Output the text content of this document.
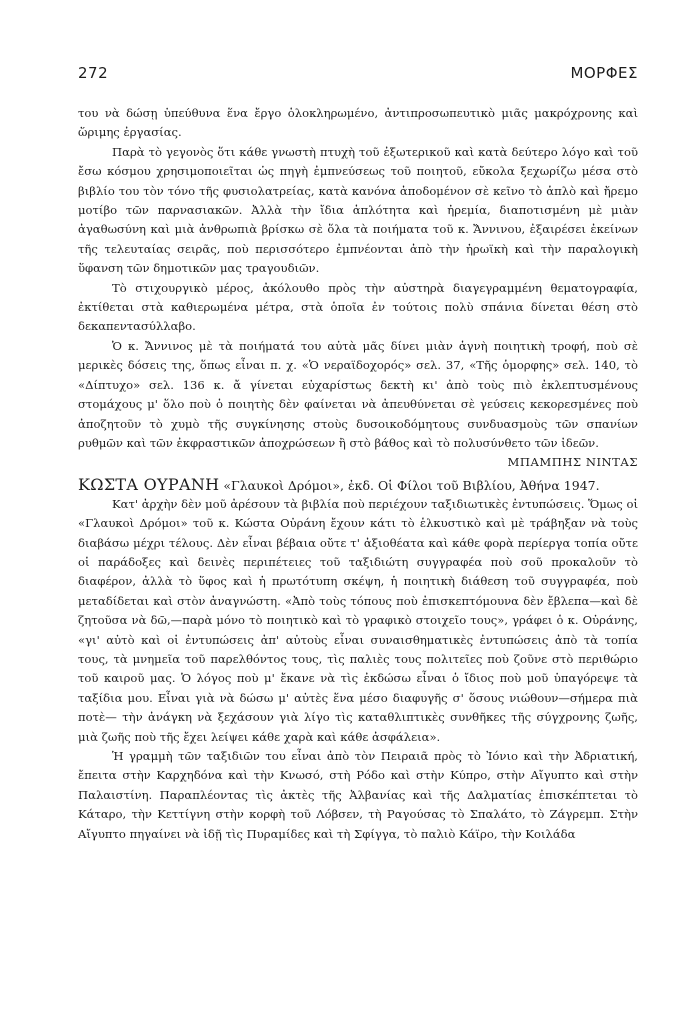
272	ΜΟΡΦΕΣ

του νὰ δώσῃ ὑπεύθυνα ἕνα ἔργο ὁλοκληρωμένο, ἀντιπροσωπευτικὸ μιᾶς μακρόχρονης καὶ ὥριμης ἐργασίας.

Παρὰ τὸ γεγονὸς ὅτι κάθε γνωστὴ πτυχὴ τοῦ ἐξωτερικοῦ καὶ κατὰ δεύτερο λόγο καὶ τοῦ ἔσω κόσμου χρησιμοποιεῖται ὡς πηγὴ ἐμπνεύσεως τοῦ ποιητοῦ, εὔκολα ξεχωρίζω μέσα στὸ βιβλίο του τὸν τόνο τῆς φυσιολατρείας, κατὰ κανόνα ἀποδομένον σὲ κεῖνο τὸ ἁπλὸ καὶ ἤρεμο μοτίβο τῶν παρνασιακῶν. Ἀλλὰ τὴν ἴδια ἁπλότητα καὶ ἠρεμία, διαποτισμένη μὲ μιὰν ἀγαθωσύνη καὶ μιὰ ἀνθρωπιὰ βρίσκω σὲ ὅλα τὰ ποιήματα τοῦ κ. Ἄννινου, ἐξαιρέσει ἐκείνων τῆς τελευταίας σειρᾶς, ποὺ περισσότερο ἐμπνέονται ἀπὸ τὴν ἡρωϊκὴ καὶ τὴν παραλογικὴ ὕφανση τῶν δημοτικῶν μας τραγουδιῶν.

Τὸ στιχουργικὸ μέρος, ἀκόλουθο πρὸς τὴν αὐστηρὰ διαγεγραμμένη θεματογραφία, ἐκτίθεται στὰ καθιερωμένα μέτρα, στὰ ὁποῖα ἐν τούτοις πολὺ σπάνια δίνεται θέση στὸ δεκαπεντασύλλαβο.

Ὁ κ. Ἄννινος μὲ τὰ ποιήματά του αὐτὰ μᾶς δίνει μιὰν ἁγνὴ ποιητικὴ τροφή, ποὺ σὲ μερικὲς δόσεις της, ὅπως εἶναι π. χ. «Ὁ νεραϊδοχορός» σελ. 37, «Τῆς ὁμορφης» σελ. 140, τὸ «Δίπτυχο» σελ. 136 κ. ἄ γίνεται εὐχαρίστως δεκτὴ κι' ἀπὸ τοὺς πιὸ ἐκλεπτυσμένους στομάχους μ' ὅλο ποὺ ὁ ποιητὴς δὲν φαίνεται νὰ ἀπευθύνεται σὲ γεύσεις κεκορεσμένες ποὺ ἀποζητοῦν τὸ χυμὸ τῆς συγκίνησης στοὺς δυσοικοδόμητους συνδυασμοὺς τῶν σπανίων ρυθμῶν καὶ τῶν ἐκφραστικῶν ἀποχρώσεων ἢ στὸ βάθος καὶ τὸ πολυσύνθετο τῶν ἰδεῶν.

ΜΠΑΜΠΗΣ ΝΙΝΤΑΣ

ΚΩΣΤΑ ΟΥΡΑΝΗ «Γλαυκοὶ Δρόμοι», ἐκδ. Οἱ Φίλοι τοῦ Βιβλίου, Ἀθήνα 1947.

Κατ' ἀρχὴν δὲν μοῦ ἀρέσουν τὰ βιβλία ποὺ περιέχουν ταξιδιωτικὲς ἐντυπώσεις. Ὅμως οἱ «Γλαυκοὶ Δρόμοι» τοῦ κ. Κώστα Οὐράνη ἔχουν κάτι τὸ ἑλκυστικὸ καὶ μὲ τράβηξαν νὰ τοὺς διαβάσω μέχρι τέλους. Δὲν εἶναι βέβαια οὔτε τ' ἀξιοθέατα καὶ κάθε φορὰ περίεργα τοπία οὔτε οἱ παράδοξες καὶ δεινὲς περιπέτειες τοῦ ταξιδιώτη συγγραφέα ποὺ σοῦ προκαλοῦν τὸ διαφέρον, ἀλλὰ τὸ ὕφος καὶ ἡ πρωτότυπη σκέψη, ἡ ποιητικὴ διάθεση τοῦ συγγραφέα, ποὺ μεταδίδεται καὶ στὸν ἀναγνώστη. «Ἀπὸ τοὺς τόπους ποὺ ἐπισκεπτόμουνα δὲν ἔβλεπα—καὶ δὲ ζητοῦσα νὰ δῶ,—παρὰ μόνο τὸ ποιητικὸ καὶ τὸ γραφικὸ στοιχεῖο τους», γράφει ὁ κ. Οὐράνης, «γι' αὐτὸ καὶ οἱ ἐντυπώσεις ἀπ' αὐτοὺς εἶναι συναισθηματικὲς ἐντυπώσεις ἀπὸ τὰ τοπία τους, τὰ μνημεῖα τοῦ παρελθόντος τους, τὶς παλιὲς τους πολιτεῖες ποὺ ζοῦνε στὸ περιθώριο τοῦ καιροῦ μας. Ὁ λόγος ποὺ μ' ἔκανε νὰ τὶς ἐκδώσω εἶναι ὁ ἴδιος ποὺ μοῦ ὑπαγόρεψε τὰ ταξίδια μου. Εἶναι γιὰ νὰ δώσω μ' αὐτὲς ἕνα μέσο διαφυγῆς σ' ὅσους νιώθουν—σήμερα πιὰ ποτὲ— τὴν ἀνάγκη νὰ ξεχάσουν γιὰ λίγο τὶς καταθλιπτικὲς συνθῆκες τῆς σύγχρονης ζωῆς, μιὰ ζωῆς ποὺ τῆς ἔχει λείψει κάθε χαρὰ καὶ κάθε ἀσφάλεια».

Ἡ γραμμὴ τῶν ταξιδιῶν του εἶναι ἀπὸ τὸν Πειραιᾶ πρὸς τὸ Ἰόνιο καὶ τὴν Ἀδριατική, ἔπειτα στὴν Καρχηδόνα καὶ τὴν Κνωσό, στὴ Ρόδο καὶ στὴν Κύπρο, στὴν Αἴγυπτο καὶ στὴν Παλαιστίνη. Παραπλέοντας τὶς ἀκτὲς τῆς Ἀλβανίας καὶ τῆς Δαλματίας ἐπισκέπτεται τὸ Κάταρο, τὴν Κεττίγνη στὴν κορφὴ τοῦ Λόβσεν, τὴ Ραγούσας τὸ Σπαλάτο, τὸ Ζάγρεμπ. Στὴν Αἴγυπτο πηγαίνει νὰ ἰδῇ τὶς Πυραμίδες καὶ τὴ Σφίγγα, τὸ παλιὸ Κάϊρο, τὴν Κοιλάδα
